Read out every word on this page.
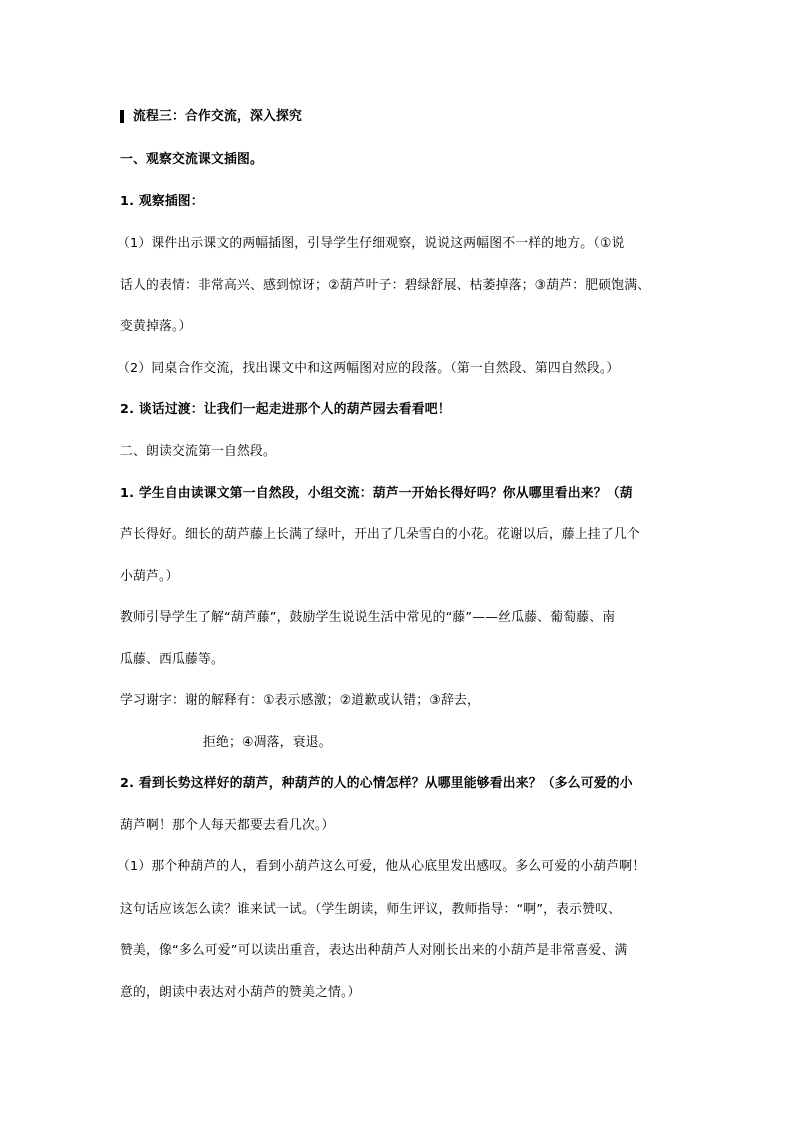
流程三：合作交流，深入探究
一、观察交流课文插图。
1. 观察插图：
（1）课件出示课文的两幅插图，引导学生仔细观察，说说这两幅图不一样的地方。（①说
话人的表情：非常高兴、感到惊讶；②葫芦叶子：碧绿舒展、枯萎掉落；③葫芦：肥硕饱满、
变黄掉落。）
（2）同桌合作交流，找出课文中和这两幅图对应的段落。（第一自然段、第四自然段。）
2. 谈话过渡：让我们一起走进那个人的葫芦园去看看吧！
二、朗读交流第一自然段。
1. 学生自由读课文第一自然段，小组交流：葫芦一开始长得好吗？你从哪里看出来？（葫
芦长得好。细长的葫芦藤上长满了绿叶，开出了几朵雪白的小花。花谢以后，藤上挂了几个
小葫芦。）
教师引导学生了解“葫芦藤”，鼓励学生说说生活中常见的“藤”——丝瓜藤、葡萄藤、南
瓜藤、西瓜藤等。
学习谢字：谢的解释有：①表示感激；②道歉或认错；③辞去，
拒绝；④凋落，衰退。
2. 看到长势这样好的葫芦，种葫芦的人的心情怎样？从哪里能够看出来？（多么可爱的小
葫芦啊！那个人每天都要去看几次。）
（1）那个种葫芦的人，看到小葫芦这么可爱，他从心底里发出感叹。多么可爱的小葫芦啊！
这句话应该怎么读？谁来试一试。（学生朗读，师生评议，教师指导：“啊”，表示赞叹、
赞美，像“多么可爱”可以读出重音，表达出种葫芦人对刚长出来的小葫芦是非常喜爱、满
意的，朗读中表达对小葫芦的赞美之情。）
